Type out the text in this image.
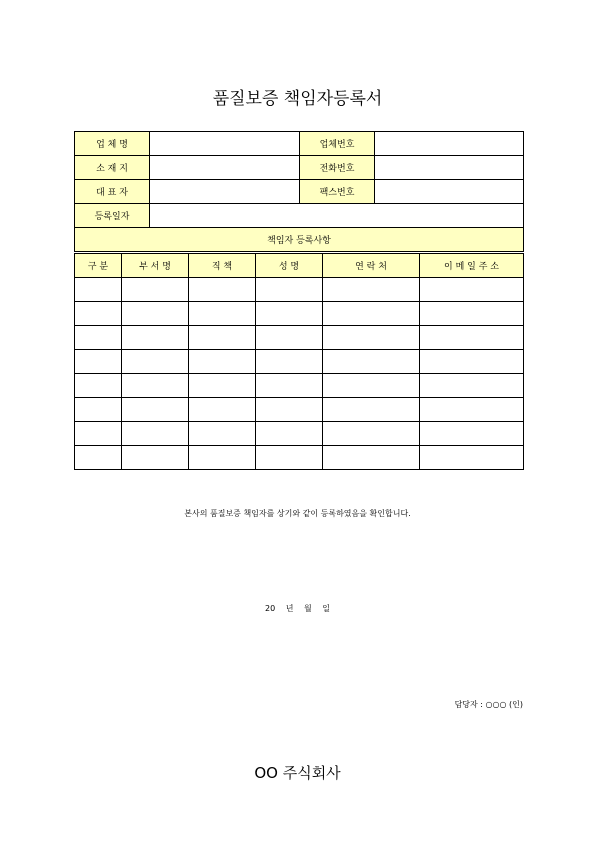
품질보증 책임자등록서
업 체 명		업체번호	
소 재 지		전화번호	
대 표 자		팩스번호	
등록일자			
책임자 등록사항			
구 분	부 서 명	직 책	성 명	연 락 처	이 메 일 주 소

본사의 품질보증 책임자를 상기와 같이 등록하였음을 확인합니다.
20 년 월 일
담당자 : ○○○ (인)
OO 주식회사
